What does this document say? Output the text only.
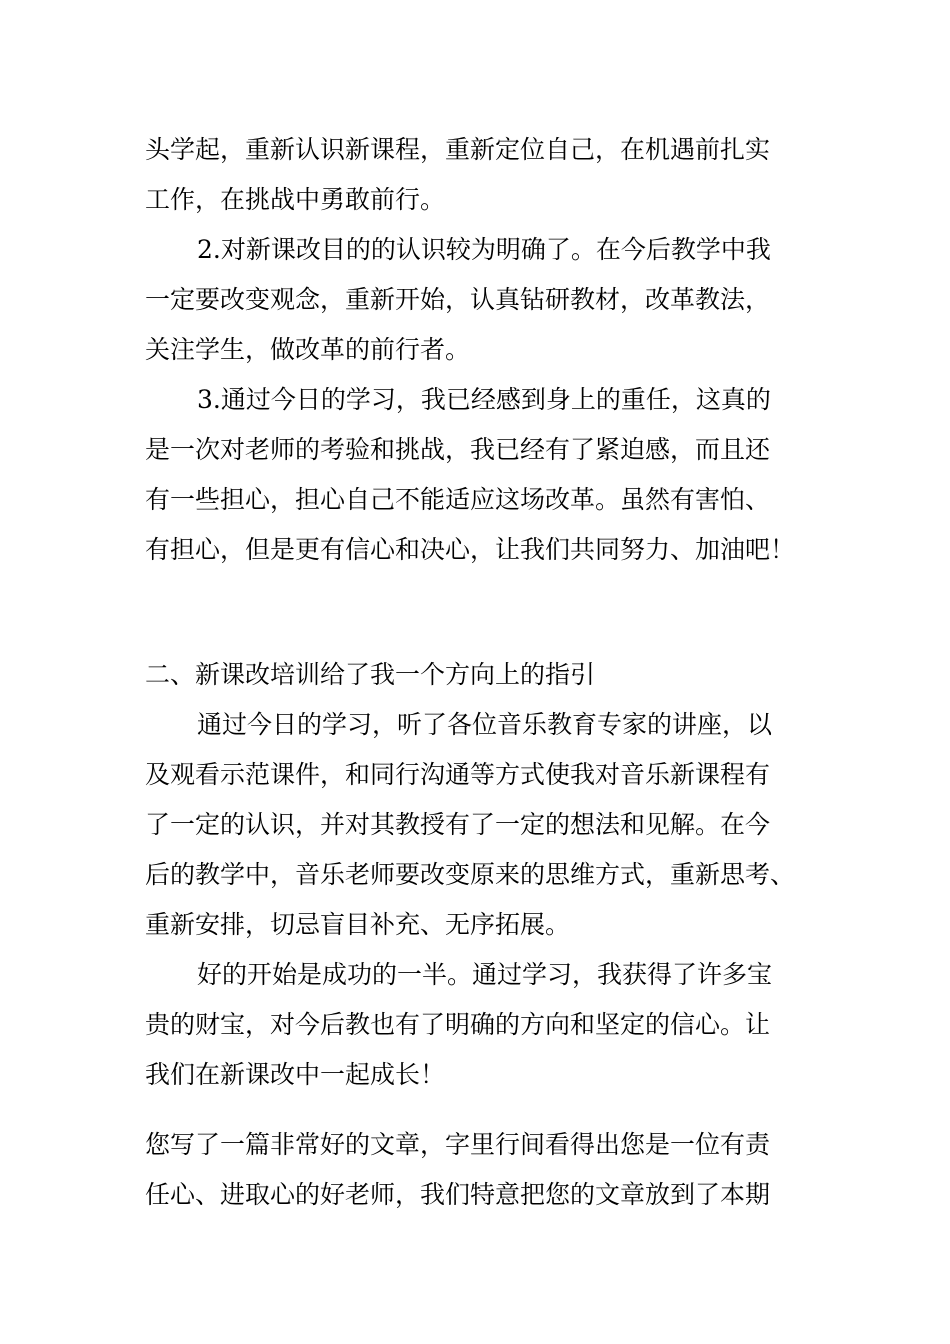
头学起，重新认识新课程，重新定位自己，在机遇前扎实
工作，在挑战中勇敢前行。
2.对新课改目的的认识较为明确了。在今后教学中我
一定要改变观念，重新开始，认真钻研教材，改革教法，
关注学生，做改革的前行者。
3.通过今日的学习，我已经感到身上的重任，这真的
是一次对老师的考验和挑战，我已经有了紧迫感，而且还
有一些担心，担心自己不能适应这场改革。虽然有害怕、
有担心，但是更有信心和决心，让我们共同努力、加油吧！
二、新课改培训给了我一个方向上的指引
通过今日的学习，听了各位音乐教育专家的讲座，以
及观看示范课件，和同行沟通等方式使我对音乐新课程有
了一定的认识，并对其教授有了一定的想法和见解。在今
后的教学中，音乐老师要改变原来的思维方式，重新思考、
重新安排，切忌盲目补充、无序拓展。
好的开始是成功的一半。通过学习，我获得了许多宝
贵的财宝，对今后教也有了明确的方向和坚定的信心。让
我们在新课改中一起成长！
您写了一篇非常好的文章，字里行间看得出您是一位有责
任心、进取心的好老师，我们特意把您的文章放到了本期
